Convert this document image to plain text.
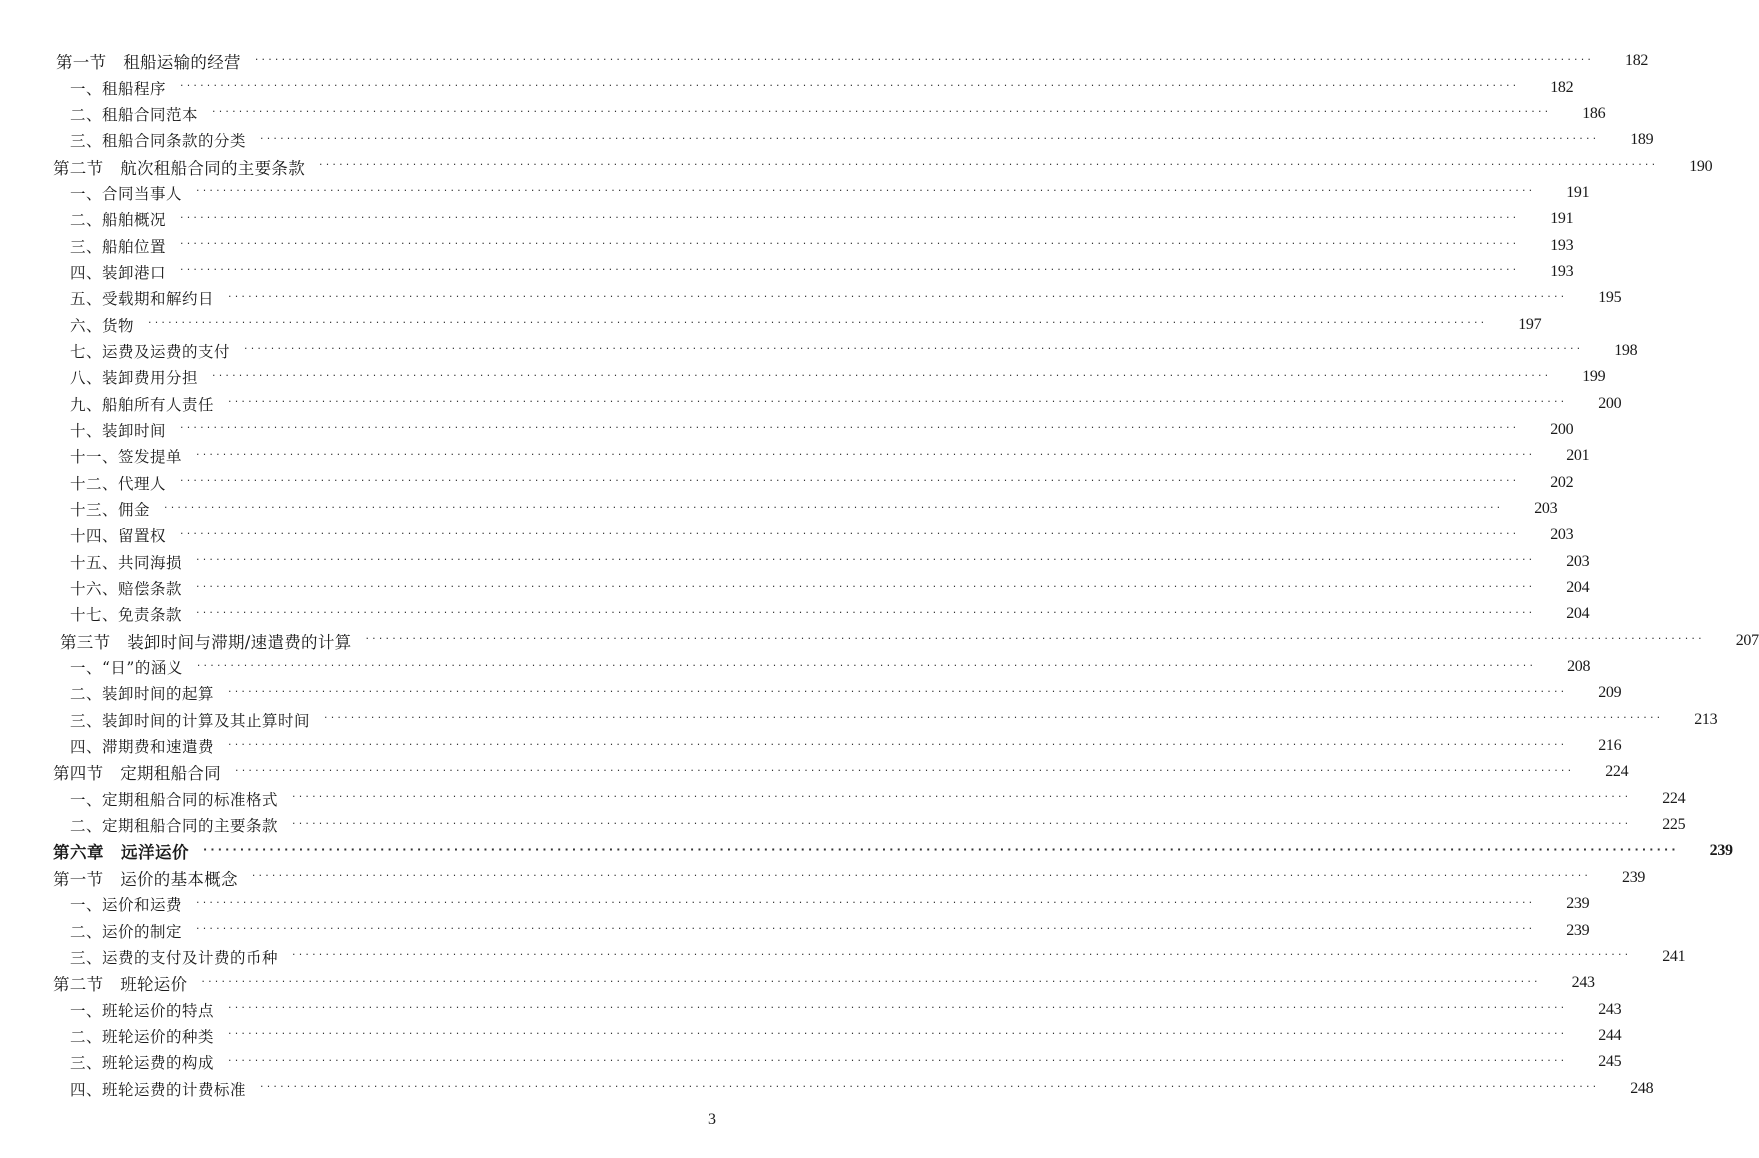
第一节　租船运输的经营 ········································································································································································································	182
一、租船程序 ········································································································································································································	182
二、租船合同范本 ········································································································································································································	186
三、租船合同条款的分类 ········································································································································································································	189
第二节　航次租船合同的主要条款 ········································································································································································································	190
一、合同当事人 ········································································································································································································	191
二、船舶概况 ········································································································································································································	191
三、船舶位置 ········································································································································································································	193
四、装卸港口 ········································································································································································································	193
五、受载期和解约日 ········································································································································································································	195
六、货物 ········································································································································································································	197
七、运费及运费的支付 ········································································································································································································	198
八、装卸费用分担 ········································································································································································································	199
九、船舶所有人责任 ········································································································································································································	200
十、装卸时间 ········································································································································································································	200
十一、签发提单 ········································································································································································································	201
十二、代理人 ········································································································································································································	202
十三、佣金 ········································································································································································································	203
十四、留置权 ········································································································································································································	203
十五、共同海损 ········································································································································································································	203
十六、赔偿条款 ········································································································································································································	204
十七、免责条款 ········································································································································································································	204
第三节　装卸时间与滞期/速遣费的计算 ········································································································································································································	207
一、“日”的涵义 ········································································································································································································	208
二、装卸时间的起算 ········································································································································································································	209
三、装卸时间的计算及其止算时间 ········································································································································································································	213
四、滞期费和速遣费 ········································································································································································································	216
第四节　定期租船合同 ········································································································································································································	224
一、定期租船合同的标准格式 ········································································································································································································	224
二、定期租船合同的主要条款 ········································································································································································································	225
第六章　远洋运价 ········································································································································································································	239
第一节　运价的基本概念 ········································································································································································································	239
一、运价和运费 ········································································································································································································	239
二、运价的制定 ········································································································································································································	239
三、运费的支付及计费的币种 ········································································································································································································	241
第二节　班轮运价 ········································································································································································································	243
一、班轮运价的特点 ········································································································································································································	243
二、班轮运价的种类 ········································································································································································································	244
三、班轮运费的构成 ········································································································································································································	245
四、班轮运费的计费标准 ········································································································································································································	248
3
